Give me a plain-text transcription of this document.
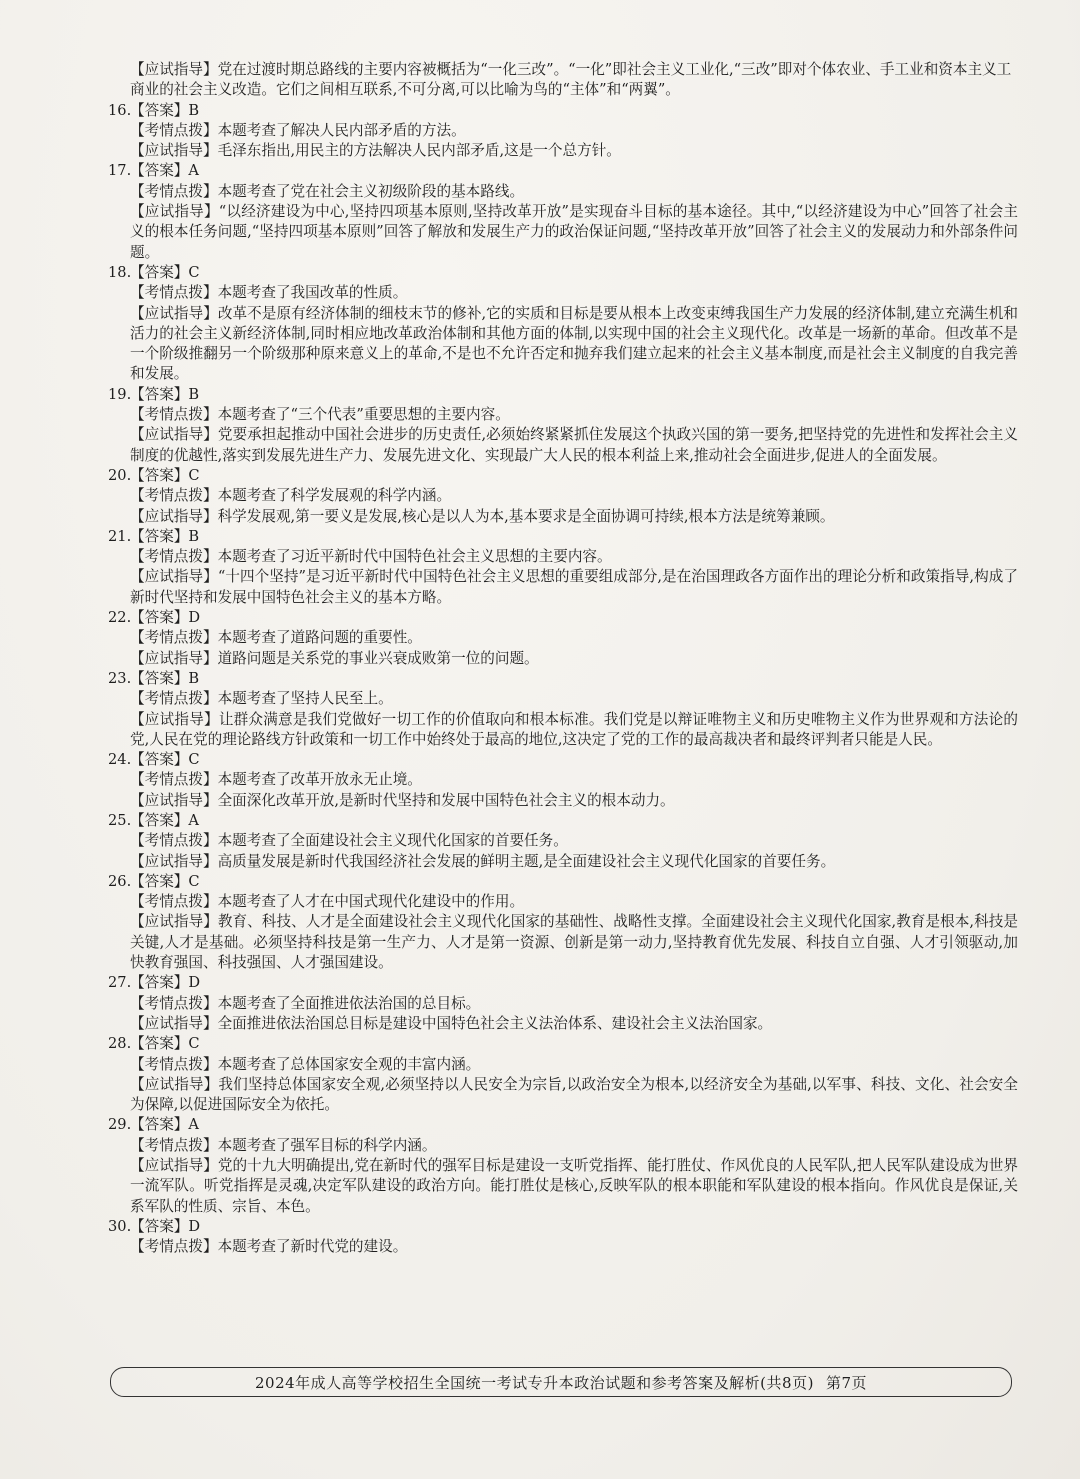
【应试指导】党在过渡时期总路线的主要内容被概括为“一化三改”。“一化”即社会主义工业化,“三改”即对个体农业、手工业和资本主义工商业的社会主义改造。它们之间相互联系,不可分离,可以比喻为鸟的“主体”和“两翼”。
16.
【答案】 B
【考情点拨】本题考查了解决人民内部矛盾的方法。
【应试指导】毛泽东指出,用民主的方法解决人民内部矛盾,这是一个总方针。
17.
【答案】 A
【考情点拨】本题考查了党在社会主义初级阶段的基本路线。
【应试指导】“以经济建设为中心,坚持四项基本原则,坚持改革开放”是实现奋斗目标的基本途径。其中,“以经济建设为中心”回答了社会主义的根本任务问题,“坚持四项基本原则”回答了解放和发展生产力的政治保证问题,“坚持改革开放”回答了社会主义的发展动力和外部条件问题。
18.
【答案】 C
【考情点拨】本题考查了我国改革的性质。
【应试指导】改革不是原有经济体制的细枝末节的修补,它的实质和目标是要从根本上改变束缚我国生产力发展的经济体制,建立充满生机和活力的社会主义新经济体制,同时相应地改革政治体制和其他方面的体制,以实现中国的社会主义现代化。改革是一场新的革命。但改革不是一个阶级推翻另一个阶级那种原来意义上的革命,不是也不允许否定和抛弃我们建立起来的社会主义基本制度,而是社会主义制度的自我完善和发展。
19.
【答案】 B
【考情点拨】本题考查了“三个代表”重要思想的主要内容。
【应试指导】党要承担起推动中国社会进步的历史责任,必须始终紧紧抓住发展这个执政兴国的第一要务,把坚持党的先进性和发挥社会主义制度的优越性,落实到发展先进生产力、发展先进文化、实现最广大人民的根本利益上来,推动社会全面进步,促进人的全面发展。
20.
【答案】 C
【考情点拨】本题考查了科学发展观的科学内涵。
【应试指导】科学发展观,第一要义是发展,核心是以人为本,基本要求是全面协调可持续,根本方法是统筹兼顾。
21.
【答案】 B
【考情点拨】本题考查了习近平新时代中国特色社会主义思想的主要内容。
【应试指导】“十四个坚持”是习近平新时代中国特色社会主义思想的重要组成部分,是在治国理政各方面作出的理论分析和政策指导,构成了新时代坚持和发展中国特色社会主义的基本方略。
22.
【答案】 D
【考情点拨】本题考查了道路问题的重要性。
【应试指导】道路问题是关系党的事业兴衰成败第一位的问题。
23.
【答案】 B
【考情点拨】本题考查了坚持人民至上。
【应试指导】让群众满意是我们党做好一切工作的价值取向和根本标准。我们党是以辩证唯物主义和历史唯物主义作为世界观和方法论的党,人民在党的理论路线方针政策和一切工作中始终处于最高的地位,这决定了党的工作的最高裁决者和最终评判者只能是人民。
24.
【答案】 C
【考情点拨】本题考查了改革开放永无止境。
【应试指导】全面深化改革开放,是新时代坚持和发展中国特色社会主义的根本动力。
25.
【答案】 A
【考情点拨】本题考查了全面建设社会主义现代化国家的首要任务。
【应试指导】高质量发展是新时代我国经济社会发展的鲜明主题,是全面建设社会主义现代化国家的首要任务。
26.
【答案】 C
【考情点拨】本题考查了人才在中国式现代化建设中的作用。
【应试指导】教育、科技、人才是全面建设社会主义现代化国家的基础性、战略性支撑。全面建设社会主义现代化国家,教育是根本,科技是关键,人才是基础。必须坚持科技是第一生产力、人才是第一资源、创新是第一动力,坚持教育优先发展、科技自立自强、人才引领驱动,加快教育强国、科技强国、人才强国建设。
27.
【答案】 D
【考情点拨】本题考查了全面推进依法治国的总目标。
【应试指导】全面推进依法治国总目标是建设中国特色社会主义法治体系、建设社会主义法治国家。
28.
【答案】 C
【考情点拨】本题考查了总体国家安全观的丰富内涵。
【应试指导】我们坚持总体国家安全观,必须坚持以人民安全为宗旨,以政治安全为根本,以经济安全为基础,以军事、科技、文化、社会安全为保障,以促进国际安全为依托。
29.
【答案】 A
【考情点拨】本题考查了强军目标的科学内涵。
【应试指导】党的十九大明确提出,党在新时代的强军目标是建设一支听党指挥、能打胜仗、作风优良的人民军队,把人民军队建设成为世界一流军队。听党指挥是灵魂,决定军队建设的政治方向。能打胜仗是核心,反映军队的根本职能和军队建设的根本指向。作风优良是保证,关系军队的性质、宗旨、本色。
30.
【答案】 D
【考情点拨】本题考查了新时代党的建设。
2024年成人高等学校招生全国统一考试专升本政治试题和参考答案及解析(共8页) 第7页
